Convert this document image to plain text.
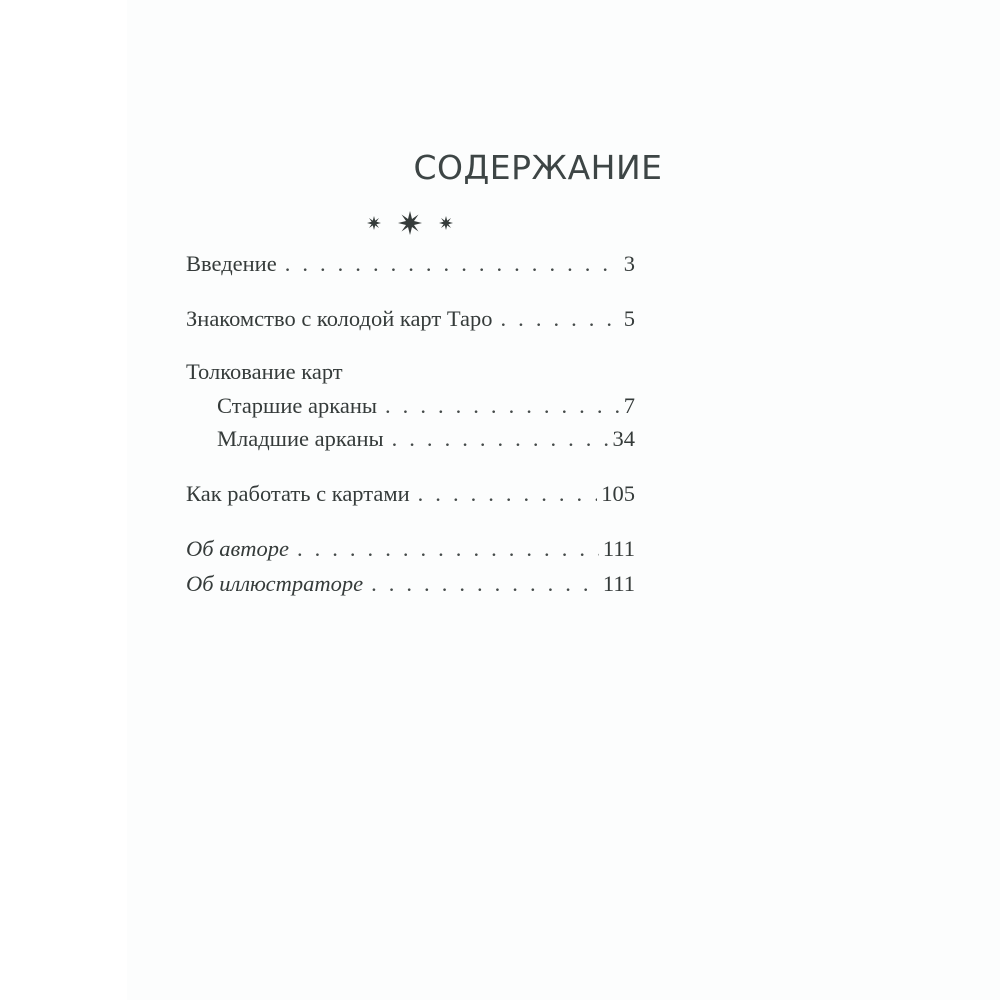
СОДЕРЖАНИЕ
Введение . . .	3
Знакомство с колодой карт Таро . . .	5
Толкование карт
Старшие арканы . . .	7
Младшие арканы . . .	34
Как работать с картами . . .	105
Об авторе . . .	111
Об иллюстраторе . . .	111
